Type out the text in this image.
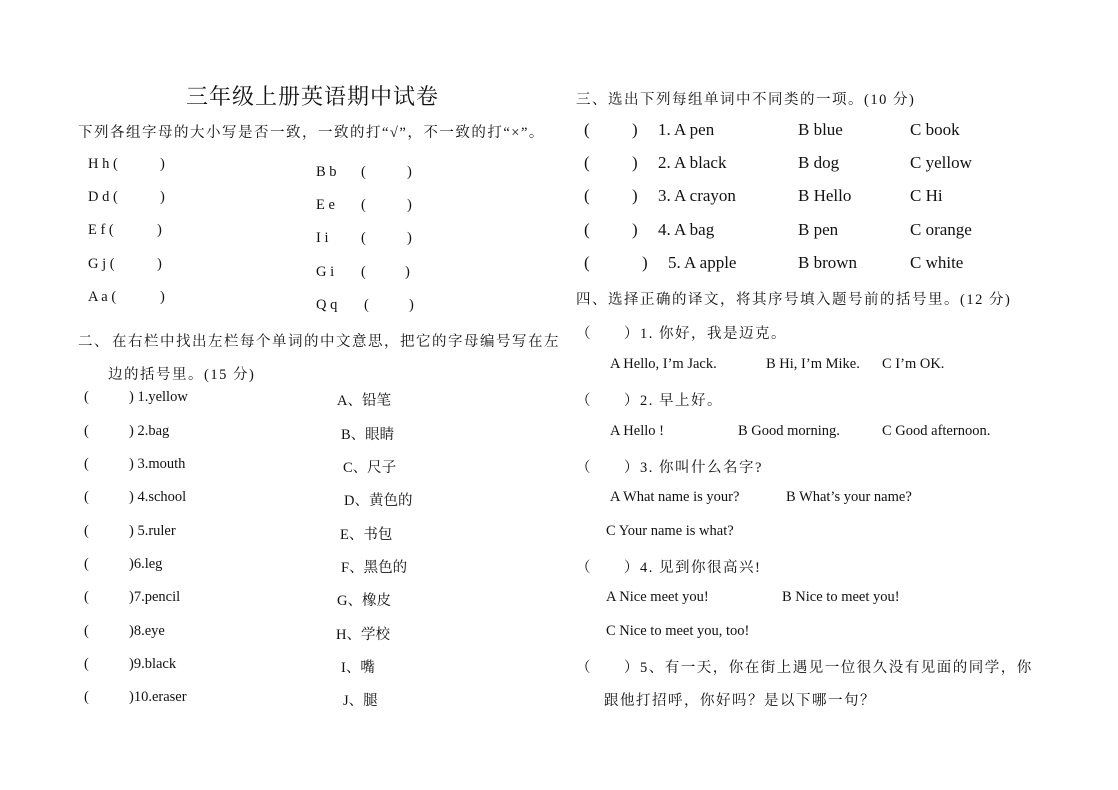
三年级上册英语期中试卷
下列各组字母的大小写是否一致，一致的打“√”，不一致的打“×”。
H h (	)
D d (	)
E f (	)
G j (	)
A a (	)
B b (	)
E e (	)
I i (	)
G i (	)
Q q (	)
二、 在右栏中找出左栏每个单词的中文意思，把它的字母编号写在左
边的括号里。(15 分)
(	) 1.yellow	A、铅笔
(	) 2.bag	B、眼睛
(	) 3.mouth	C、尺子
(	) 4.school	D、黄色的
(	) 5.ruler	E、书包
(	)6.leg	F、黑色的
(	)7.pencil	G、橡皮
(	)8.eye	H、学校
(	)9.black	I、嘴
(	)10.eraser	J、腿
三、选出下列每组单词中不同类的一项。(10 分)
( ) 1. A pen	B blue	C book
( ) 2. A black	B dog	C yellow
( ) 3. A crayon	B Hello	C Hi
( ) 4. A bag	B pen	C orange
(	) 5. A apple	B brown	C white
四、选择正确的译文，将其序号填入题号前的括号里。(12 分)
（　　）1. 你好，我是迈克。
A Hello, I’m Jack.	B Hi, I’m Mike. C I’m OK.
（　　）2. 早上好。
A Hello !	B Good morning.	C Good afternoon.
（　　）3. 你叫什么名字?
A What name is your?	B What’s your name?
C Your name is what?
（　　）4. 见到你很高兴!
A Nice meet you!	B Nice to meet you!
C Nice to meet you, too!
（　　）5、有一天，你在街上遇见一位很久没有见面的同学，你
跟他打招呼，你好吗？是以下哪一句？
